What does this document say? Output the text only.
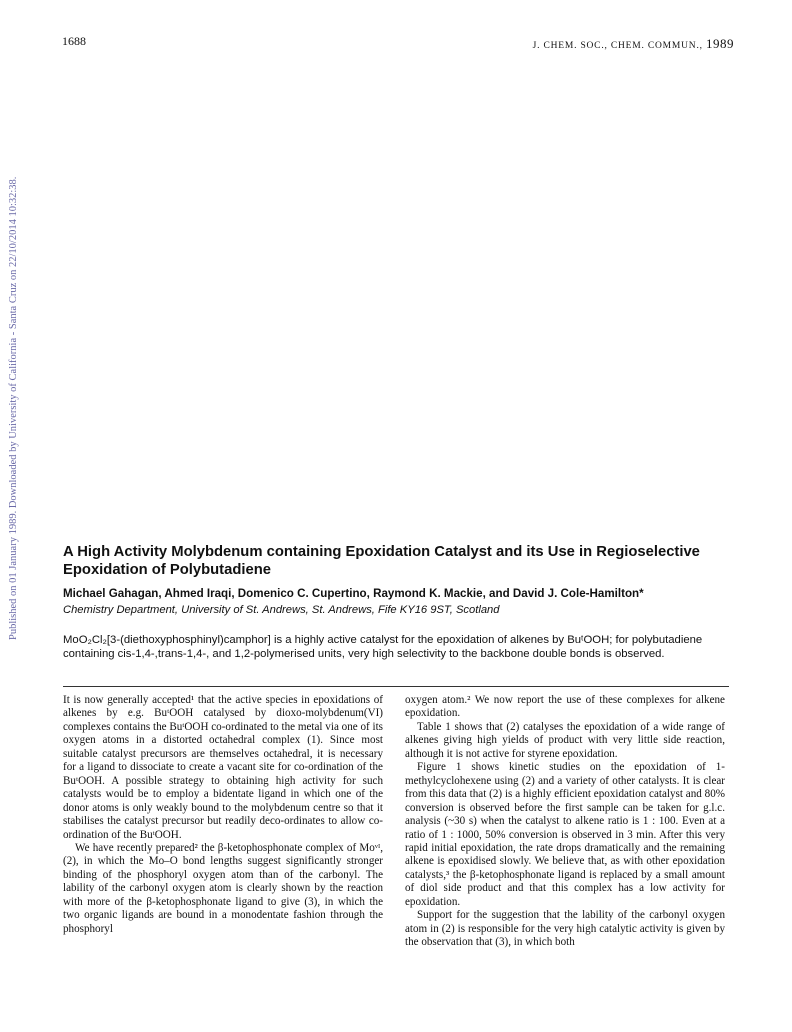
1688	J. CHEM. SOC., CHEM. COMMUN., 1989
Published on 01 January 1989. Downloaded by University of California - Santa Cruz on 22/10/2014 10:32:38.	A High Activity Molybdenum containing Epoxidation Catalyst and its Use in Regioselective Epoxidation of Polybutadiene
Michael Gahagan, Ahmed Iraqi, Domenico C. Cupertino, Raymond K. Mackie, and David J. Cole-Hamilton*
Chemistry Department, University of St. Andrews, St. Andrews, Fife KY16 9ST, Scotland
MoO₂Cl₂[3-(diethoxyphosphinyl)camphor] is a highly active catalyst for the epoxidation of alkenes by BuᵗOOH; for polybutadiene containing cis-1,4-,trans-1,4-, and 1,2-polymerised units, very high selectivity to the backbone double bonds is observed.

It is now generally accepted¹ that the active species in epoxidations of alkenes by e.g. BuᵗOOH catalysed by dioxo-molybdenum(VI) complexes contains the BuᵗOOH co-ordinated to the metal via one of its oxygen atoms in a distorted octahedral complex (1). Since most suitable catalyst precursors are themselves octahedral, it is necessary for a ligand to dissociate to create a vacant site for co-ordination of the BuᵗOOH. A possible strategy to obtaining high activity for such catalysts would be to employ a bidentate ligand in which one of the donor atoms is only weakly bound to the molybdenum centre so that it stabilises the catalyst precursor but readily deco-ordinates to allow co-ordination of the BuᵗOOH.

We have recently prepared² the β-ketophosphonate complex of Moᵛᴵ, (2), in which the Mo–O bond lengths suggest significantly stronger binding of the phosphoryl oxygen atom than of the carbonyl. The lability of the carbonyl oxygen atom is clearly shown by the reaction with more of the β-ketophosphonate ligand to give (3), in which the two organic ligands are bound in a monodentate fashion through the phosphoryl

oxygen atom.² We now report the use of these complexes for alkene epoxidation.

Table 1 shows that (2) catalyses the epoxidation of a wide range of alkenes giving high yields of product with very little side reaction, although it is not active for styrene epoxidation.

Figure 1 shows kinetic studies on the epoxidation of 1-methylcyclohexene using (2) and a variety of other catalysts. It is clear from this data that (2) is a highly efficient epoxidation catalyst and 80% conversion is observed before the first sample can be taken for g.l.c. analysis (~30 s) when the catalyst to alkene ratio is 1 : 100. Even at a ratio of 1 : 1000, 50% conversion is observed in 3 min. After this very rapid initial epoxidation, the rate drops dramatically and the remaining alkene is epoxidised slowly. We believe that, as with other epoxidation catalysts,³ the β-ketophosphonate ligand is replaced by a small amount of diol side product and that this complex has a low activity for epoxidation.

Support for the suggestion that the lability of the carbonyl oxygen atom in (2) is responsible for the very high catalytic activity is given by the observation that (3), in which both
